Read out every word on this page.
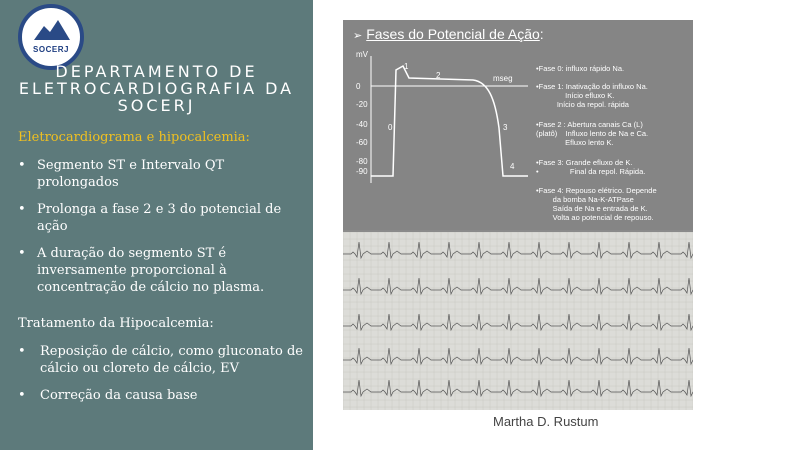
SOCERJ
DEPARTAMENTO DE
ELETROCARDIOGRAFIA DA
SOCERJ
Eletrocardiograma e hipocalcemia:
• Segmento ST e Intervalo QT prolongados
• Prolonga a fase 2 e 3 do potencial de ação
• A duração do segmento ST é inversamente proporcional à concentração de cálcio no plasma.
Tratamento da Hipocalcemia:
• Reposição de cálcio, como gluconato de cálcio ou cloreto de cálcio, EV
• Correção da causa base
➢ Fases do Potencial de Ação:
mV
0
-20
-40
-60
-80
-90
mseg
0
1
2
3
4
•Fase 0: influxo rápido Na.
•Fase 1: Inativação do influxo Na.
Início efluxo K.
Início da repol. rápida
•Fase 2 : Abertura canais Ca (L)
(platô)    Influxo lento de Na e Ca.
Efluxo lento K.
•Fase 3: Grande efluxo de K.
•               Final da repol. Rápida.
•Fase 4: Repouso elétrico. Depende
da bomba Na-K-ATPase
Saída de Na e entrada de K.
Volta ao potencial de repouso.
Martha D. Rustum
